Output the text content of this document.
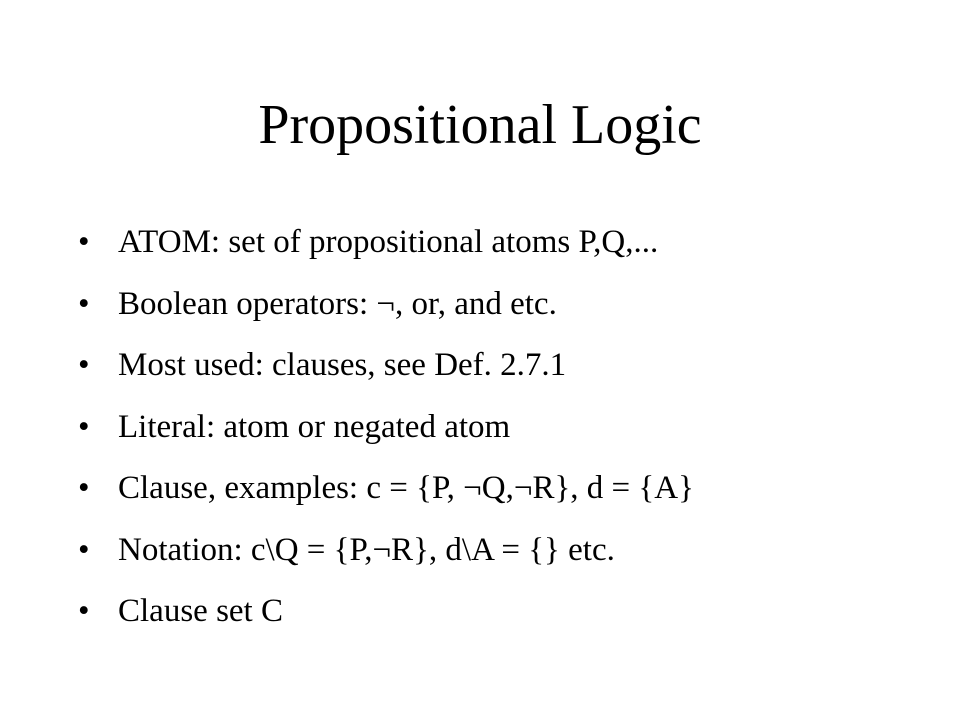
Propositional Logic
• ATOM: set of propositional atoms P,Q,...
• Boolean operators: ¬, or, and etc.
• Most used: clauses, see Def. 2.7.1
• Literal: atom or negated atom
• Clause, examples: c = {P, ¬Q,¬R}, d = {A}
• Notation: c\Q = {P,¬R}, d\A = {} etc.
• Clause set C
